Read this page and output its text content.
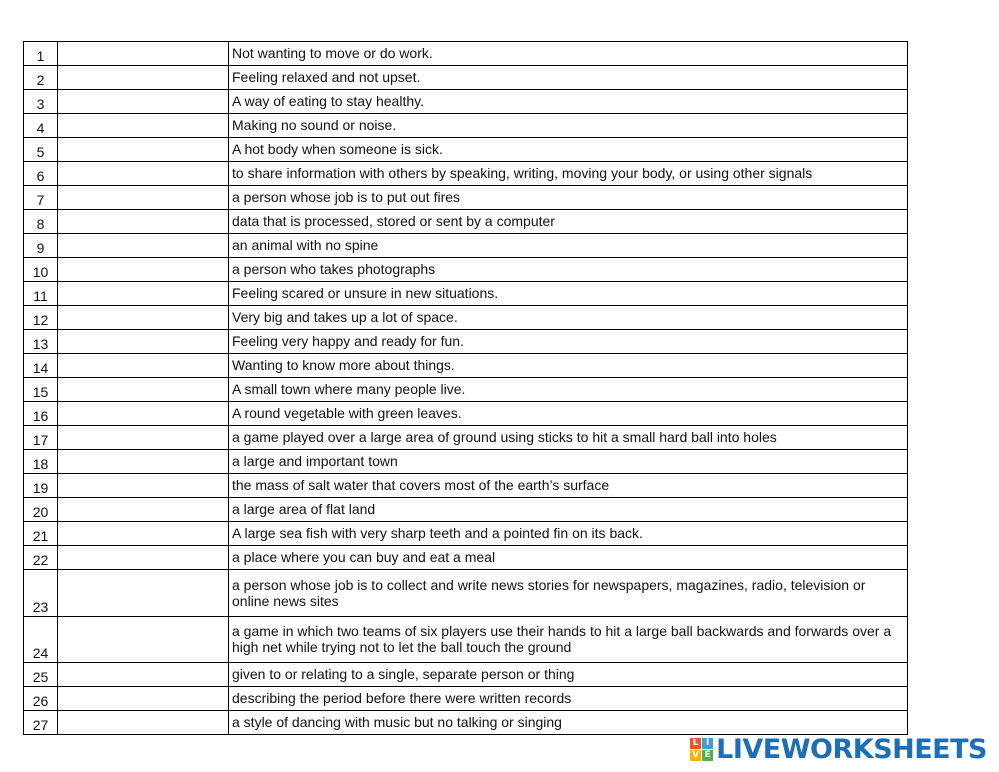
1		Not wanting to move or do work.
2		Feeling relaxed and not upset.
3		A way of eating to stay healthy.
4		Making no sound or noise.
5		A hot body when someone is sick.
6		to share information with others by speaking, writing, moving your body, or using other signals
7		a person whose job is to put out fires
8		data that is processed, stored or sent by a computer
9		an animal with no spine
10		a person who takes photographs
11		Feeling scared or unsure in new situations.
12		Very big and takes up a lot of space.
13		Feeling very happy and ready for fun.
14		Wanting to know more about things.
15		A small town where many people live.
16		A round vegetable with green leaves.
17		a game played over a large area of ground using sticks to hit a small hard ball into holes
18		a large and important town
19		the mass of salt water that covers most of the earth’s surface
20		a large area of flat land
21		A large sea fish with very sharp teeth and a pointed fin on its back.
22		a place where you can buy and eat a meal
23		a person whose job is to collect and write news stories for newspapers, magazines, radio, television or online news sites
24		a game in which two teams of six players use their hands to hit a large ball backwards and forwards over a high net while trying not to let the ball touch the ground
25		given to or relating to a single, separate person or thing
26		describing the period before there were written records
27		a style of dancing with music but no talking or singing
L I
V E LIVEWORKSHEETS
